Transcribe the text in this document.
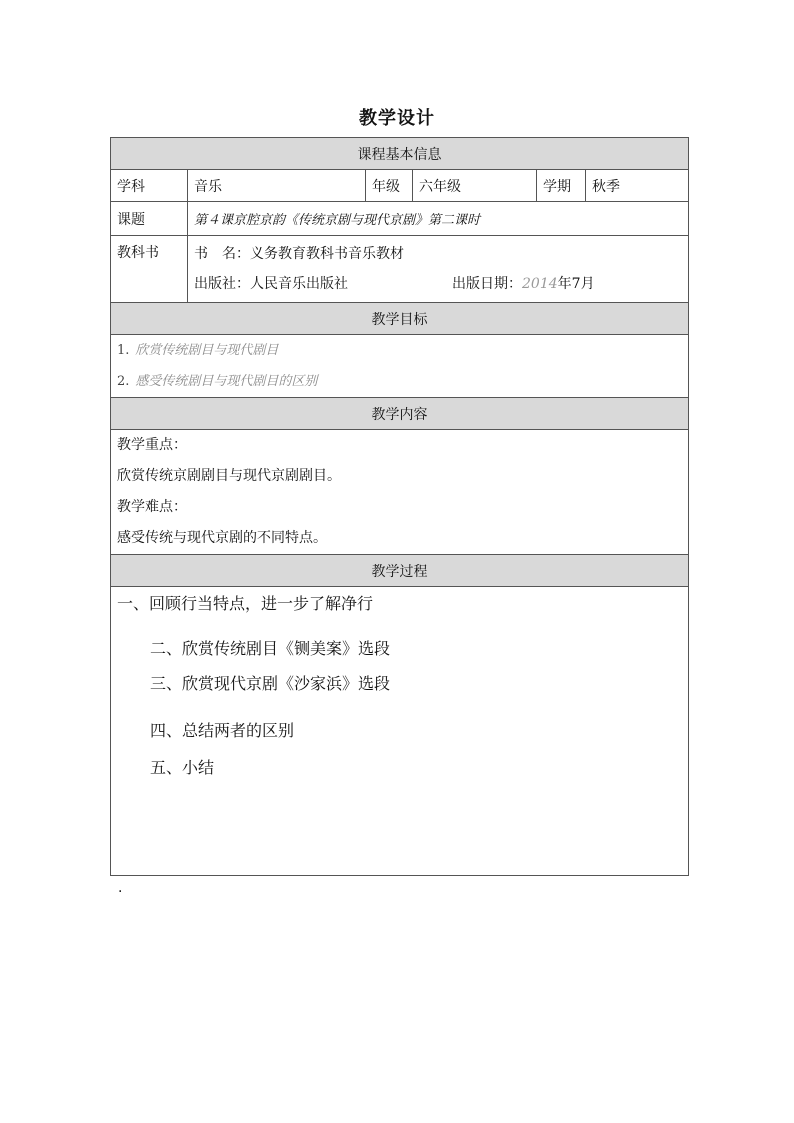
教学设计
课程基本信息					
学科	音乐	年级	六年级	学期	秋季
课题	第４课京腔京韵《传统京剧与现代京剧》第二课时				
教科书	书　名：义务教育教科书音乐教材
出版社：人民音乐出版社 出版日期：2014年7月				

教学目标					

1. 欣赏传统剧目与现代剧目
2. 感受传统剧目与现代剧目的区别					

教学内容					

教学重点：
欣赏传统京剧剧目与现代京剧剧目。
教学难点：
感受传统与现代京剧的不同特点。					

教学过程					

一、回顾行当特点，进一步了解净行
二、欣赏传统剧目《铡美案》选段
三、欣赏现代京剧《沙家浜》选段
四、总结两者的区别
五、小结					
.
